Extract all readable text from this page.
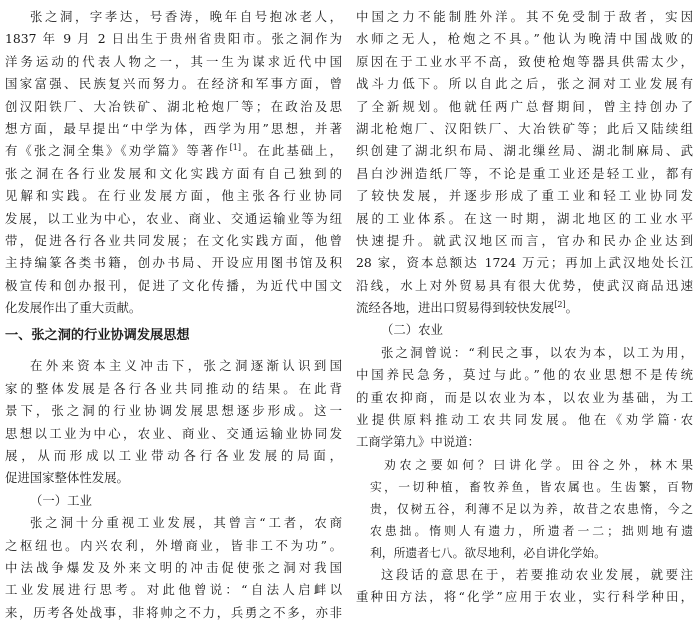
张之洞，字孝达，号香涛，晚年自号抱冰老人，
1837 年 9 月 2 日出生于贵州省贵阳市。张之洞作为
洋务运动的代表人物之一，其一生为谋求近代中国
国家富强、民族复兴而努力。在经济和军事方面，曾
创汉阳铁厂、大冶铁矿、湖北枪炮厂等；在政治及思
想方面，最早提出“中学为体，西学为用”思想，并著
有《张之洞全集》《劝学篇》等著作[1]。在此基础上，
张之洞在各行业发展和文化实践方面有自己独到的
见解和实践。在行业发展方面，他主张各行业协同
发展，以工业为中心，农业、商业、交通运输业等为纽
带，促进各行各业共同发展；在文化实践方面，他曾
主持编篆各类书籍，创办书局、开设应用图书馆及积
极宣传和创办报刊，促进了文化传播，为近代中国文
化发展作出了重大贡献。
一、张之洞的行业协调发展思想
在外来资本主义冲击下，张之洞逐渐认识到国
家的整体发展是各行各业共同推动的结果。在此背
景下，张之洞的行业协调发展思想逐步形成。这一
思想以工业为中心，农业、商业、交通运输业协同发
展，从而形成以工业带动各行各业发展的局面，
促进国家整体性发展。
（一）工业
张之洞十分重视工业发展，其曾言“工者，农商
之枢纽也。内兴农利，外增商业，皆非工不为功”。
中法战争爆发及外来文明的冲击促使张之洞对我国
工业发展进行思考。对此他曾说：“自法人启衅以
来，历考各处战事，非将帅之不力，兵勇之不多，亦非
中国之力不能制胜外洋。其不免受制于敌者，实因
水师之无人，枪炮之不具。”他认为晚清中国战败的
原因在于工业水平不高，致使枪炮等器具供需太少，
战斗力低下。所以自此之后，张之洞对工业发展有
了全新规划。他就任两广总督期间，曾主持创办了
湖北枪炮厂、汉阳铁厂、大冶铁矿等；此后又陆续组
织创建了湖北织布局、湖北缫丝局、湖北制麻局、武
昌白沙洲造纸厂等，不论是重工业还是轻工业，都有
了较快发展，并逐步形成了重工业和轻工业协同发
展的工业体系。在这一时期，湖北地区的工业水平
快速提升。就武汉地区而言，官办和民办企业达到
28 家，资本总额达 1724 万元；再加上武汉地处长江
沿线，水上对外贸易具有很大优势，使武汉商品迅速
流经各地，进出口贸易得到较快发展[2]。
（二）农业
张之洞曾说：“利民之事，以农为本，以工为用，
中国养民急务，莫过与此。”他的农业思想不是传统
的重农抑商，而是以农业为本，以农业为基础，为工
业提供原料推动工农共同发展。他在《劝学篇·农
工商学第九》中说道：
劝农之要如何？曰讲化学。田谷之外，林木果
实，一切种植，畜牧养鱼，皆农属也。生齿繁，百物
贵，仅树五谷，利薄不足以为养，故昔之农患惰，今之
农患拙。惰则人有遗力，所遗者一二；拙则地有遗
利，所遗者七八。欲尽地利，必自讲化学始。
这段话的意思在于，若要推动农业发展，就要注
重种田方法，将“化学”应用于农业，实行科学种田，
